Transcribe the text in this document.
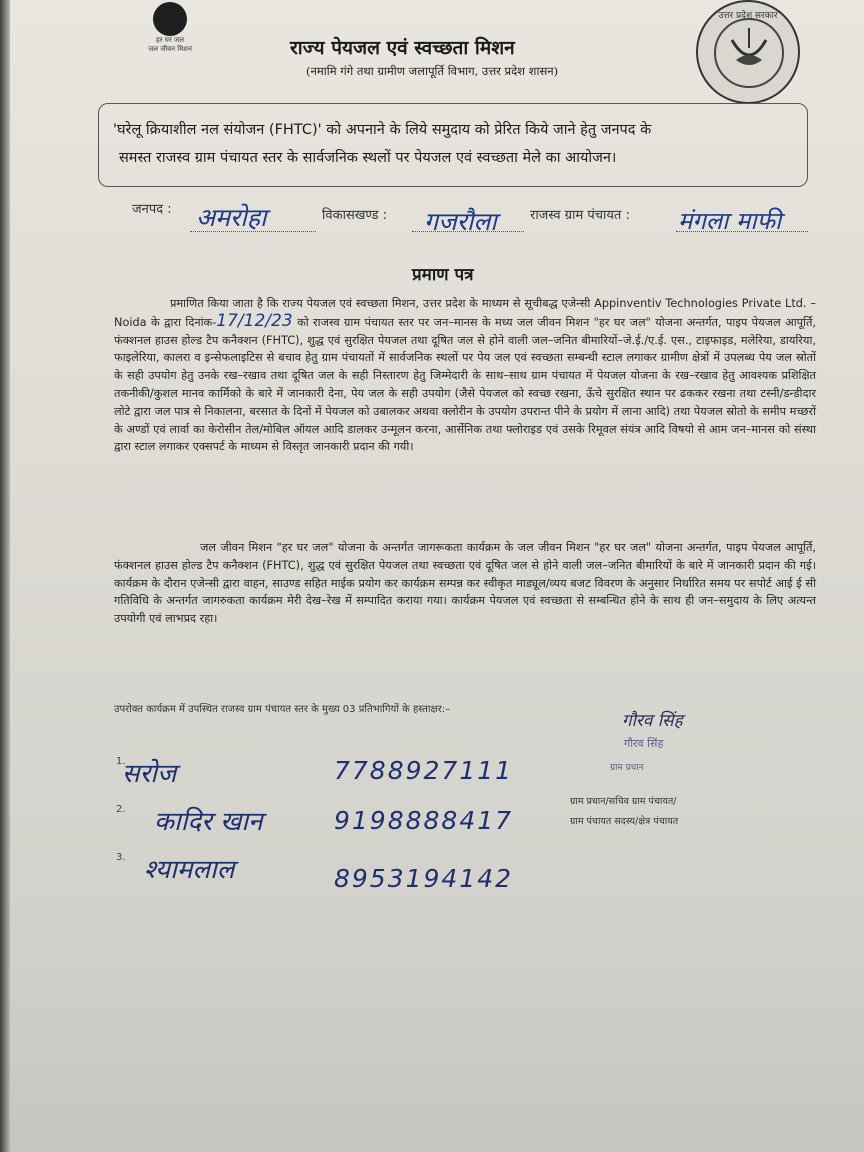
हर घर जल
जल जीवन मिशन
उत्तर प्रदेश सरकार
राज्य पेयजल एवं स्वच्छता मिशन
(नमामि गंगे तथा ग्रामीण जलापूर्ति विभाग, उत्तर प्रदेश शासन)
'घरेलू क्रियाशील नल संयोजन (FHTC)' को अपनाने के लिये समुदाय को प्रेरित किये जाने हेतु जनपद के
समस्त राजस्व ग्राम पंचायत स्तर के सार्वजनिक स्थलों पर पेयजल एवं स्वच्छता मेले का आयोजन।
जनपद : अमरोहा	विकासखण्ड : गजरौला	राजस्व ग्राम पंचायत : मंगला माफी
प्रमाण पत्र

प्रमाणित किया जाता है कि राज्य पेयजल एवं स्वच्छता मिशन, उत्तर प्रदेश के माध्यम से सूचीबद्ध एजेन्सी Appinventiv Technologies Private Ltd. – Noida के द्वारा दिनांक-17/12/23 को राजस्व ग्राम पंचायत स्तर पर जन–मानस के मध्य जल जीवन मिशन "हर घर जल" योजना अन्तर्गत, पाइप पेयजल आपूर्ति, फंक्शनल हाउस होल्ड टैप कनैक्शन (FHTC), शुद्ध एवं सुरक्षित पेयजल तथा दूषित जल से होने वाली जल–जनित बीमारियों–जे.ई./ए.ई. एस., टाइफाइड, मलेरिया, डायरिया, फाइलेरिया, कालरा व इन्सेफलाइटिस से बचाव हेतु ग्राम पंचायतों में सार्वजनिक स्थलों पर पेय जल एवं स्वच्छता सम्बन्धी स्टाल लगाकर ग्रामीण क्षेत्रों में उपलब्ध पेय जल स्रोतों के सही उपयोग हेतु उनके रख–रखाव तथा दूषित जल के सही निस्तारण हेतु जिम्मेदारी के साथ–साथ ग्राम पंचायत में पेयजल योजना के रख–रखाव हेतु आवश्यक प्रशिक्षित तकनीकी/कुशल मानव कार्मिको के बारे में जानकारी देना, पेय जल के सही उपयोग (जैसे पेयजल को स्वच्छ रखना, ऊँचे सुरक्षित स्थान पर ढककर रखना तथा टस्नी/डन्डीदार लोटे द्वारा जल पात्र से निकालना, बरसात के दिनों में पेयजल को उबालकर अथवा क्लोरीन के उपयोग उपरान्त पीने के प्रयोग में लाना आदि) तथा पेयजल स्रोतो के समीप मच्छरों के अण्डों एवं लार्वा का केरोसीन तेल/मोबिल ऑयल आदि डालकर उन्मूलन करना, आर्सेनिक तथा फ्लोराइड एवं उसके रिमूवल संयंत्र आदि विषयो से आम जन–मानस को संस्था द्वारा स्टाल लगाकर एक्सपर्ट के माध्यम से विस्तृत जानकारी प्रदान की गयी।

जल जीवन मिशन "हर घर जल" योजना के अन्तर्गत जागरूकता कार्यक्रम के जल जीवन मिशन "हर घर जल" योजना अन्तर्गत, पाइप पेयजल आपूर्ति, फंक्शनल हाउस होल्ड टैप कनैक्शन (FHTC), शुद्ध एवं सुरक्षित पेयजल तथा स्वच्छता एवं दूषित जल से होने वाली जल–जनित बीमारियों के बारे में जानकारी प्रदान की गई। कार्यक्रम के दौरान एजेन्सी द्वारा वाहन, साउण्ड सहित माईक प्रयोग कर कार्यक्रम सम्पन्न कर स्वीकृत माड्यूल/व्यय बजट विवरण के अनुसार निर्धारित समय पर सपोर्ट आई ई सी गतिविधि के अन्तर्गत जागरुकता कार्यक्रम मेरी देख–रेख में सम्पादित कराया गया। कार्यक्रम पेयजल एवं स्वच्छता से सम्बन्धित होने के साथ ही जन–समुदाय के लिए अत्यन्त उपयोगी एवं लाभप्रद रहा।

उपरोक्त कार्यक्रम में उपस्थित राजस्व ग्राम पंचायत स्तर के मुख्य 03 प्रतिभागियों के हस्ताक्षर:–
1.
सरोज	7788927111
2. कादिर खान	9198888417
3. श्यामलाल	8953194142
गौरव सिंह
गौरव सिंह
ग्राम प्रधान
ग्राम प्रधान/सचिव ग्राम पंचायत/
ग्राम पंचायत सदस्य/क्षेत्र पंचायत
